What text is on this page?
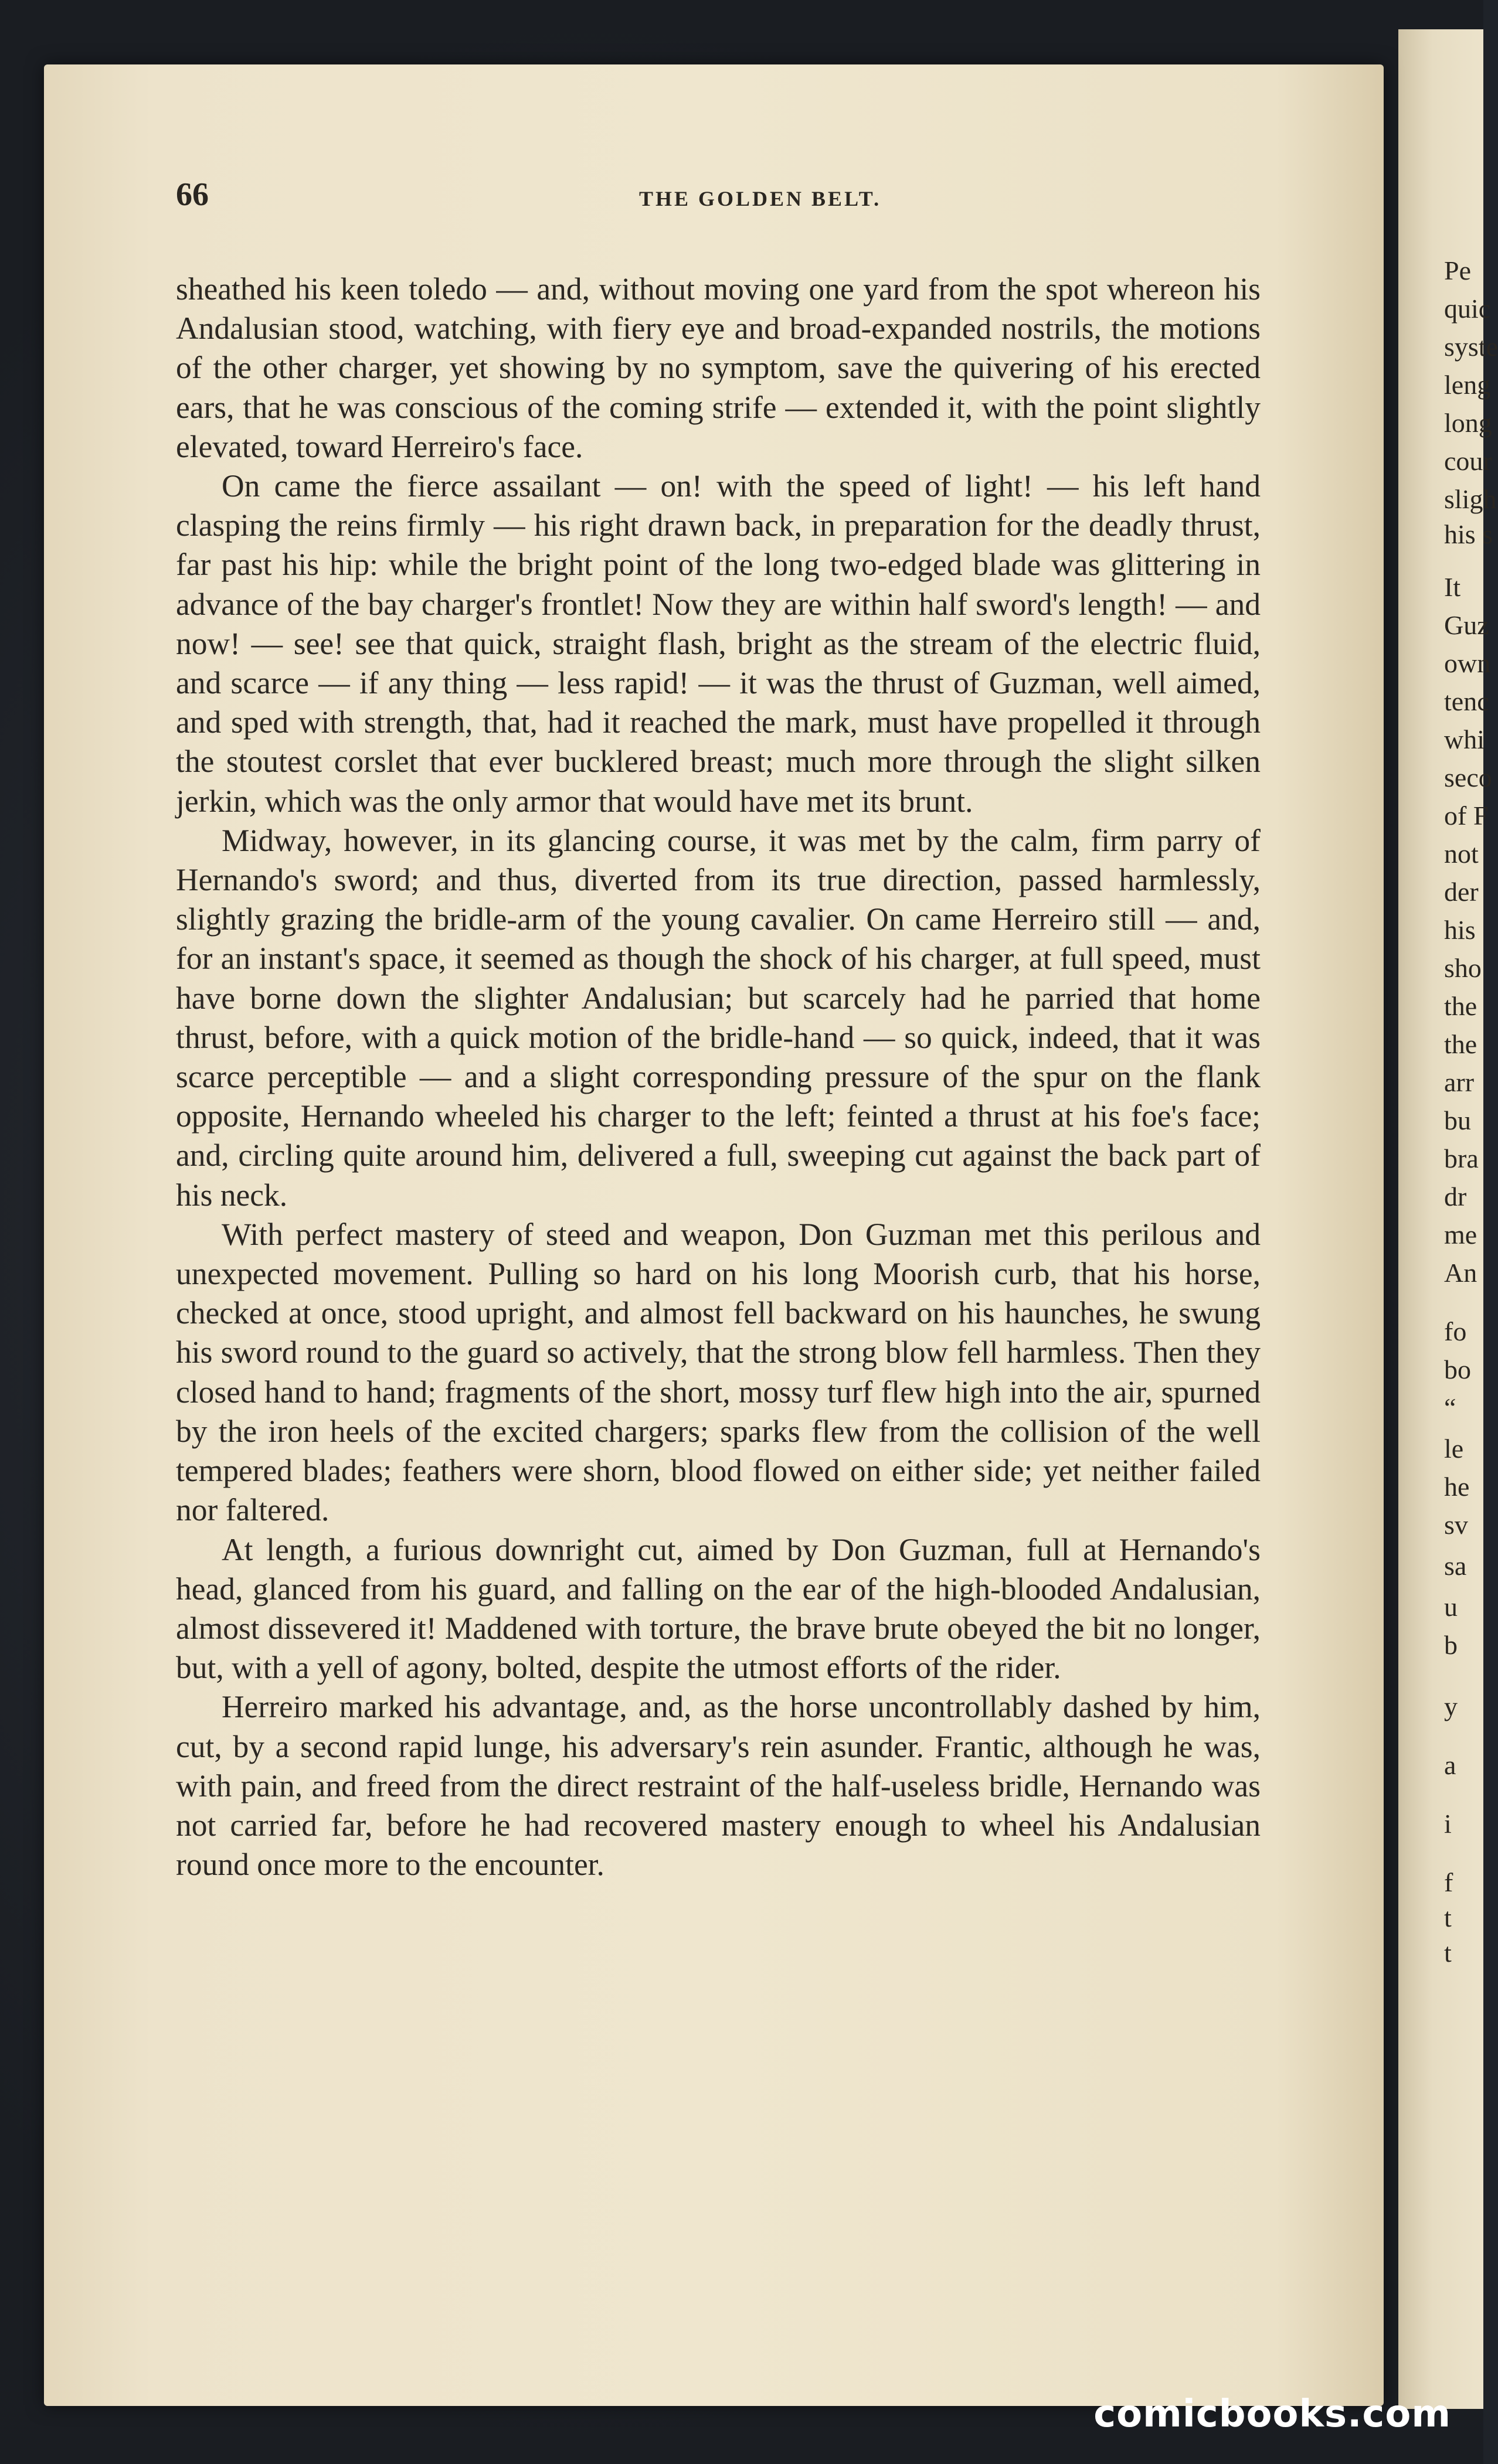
Pe
quic
syste
leng
long
cour
sligh
his s
It
Guz
own
tenc
whi
seco
of F
not
der
his
sho
the
the
arr
bu
bra
dr
me
An
fo
bo
“
le
he
sv
sa
u
b
y
a
i
f
t
t
66	THE GOLDEN BELT.

sheathed his keen toledo — and, without moving one yard from the spot whereon his Andalusian stood, watching, with fiery eye and broad-expanded nostrils, the motions of the other charger, yet showing by no symptom, save the quivering of his erected ears, that he was conscious of the coming strife — extended it, with the point slightly elevated, toward Herreiro's face.

On came the fierce assailant — on! with the speed of light! — his left hand clasping the reins firmly — his right drawn back, in preparation for the deadly thrust, far past his hip: while the bright point of the long two-edged blade was glittering in advance of the bay charger's frontlet! Now they are within half sword's length! — and now! — see! see that quick, straight flash, bright as the stream of the electric fluid, and scarce — if any thing — less rapid! — it was the thrust of Guzman, well aimed, and sped with strength, that, had it reached the mark, must have propelled it through the stoutest corslet that ever bucklered breast; much more through the slight silken jerkin, which was the only armor that would have met its brunt.

Midway, however, in its glancing course, it was met by the calm, firm parry of Hernando's sword; and thus, diverted from its true direction, passed harmlessly, slightly grazing the bridle-arm of the young cavalier. On came Herreiro still — and, for an instant's space, it seemed as though the shock of his charger, at full speed, must have borne down the slighter Andalusian; but scarcely had he parried that home thrust, before, with a quick motion of the bridle-hand — so quick, indeed, that it was scarce perceptible — and a slight corresponding pressure of the spur on the flank opposite, Hernando wheeled his charger to the left; feinted a thrust at his foe's face; and, circling quite around him, delivered a full, sweeping cut against the back part of his neck.

With perfect mastery of steed and weapon, Don Guzman met this perilous and unexpected movement. Pulling so hard on his long Moorish curb, that his horse, checked at once, stood upright, and almost fell backward on his haunches, he swung his sword round to the guard so actively, that the strong blow fell harmless. Then they closed hand to hand; fragments of the short, mossy turf flew high into the air, spurned by the iron heels of the excited chargers; sparks flew from the collision of the well tempered blades; feathers were shorn, blood flowed on either side; yet neither failed nor faltered.

At length, a furious downright cut, aimed by Don Guzman, full at Hernando's head, glanced from his guard, and falling on the ear of the high-blooded Andalusian, almost dissevered it! Maddened with torture, the brave brute obeyed the bit no longer, but, with a yell of agony, bolted, despite the utmost efforts of the rider.

Herreiro marked his advantage, and, as the horse uncontrollably dashed by him, cut, by a second rapid lunge, his adversary's rein asunder. Frantic, although he was, with pain, and freed from the direct restraint of the half-useless bridle, Hernando was not carried far, before he had recovered mastery enough to wheel his Andalusian round once more to the encounter.

comicbooks.com
